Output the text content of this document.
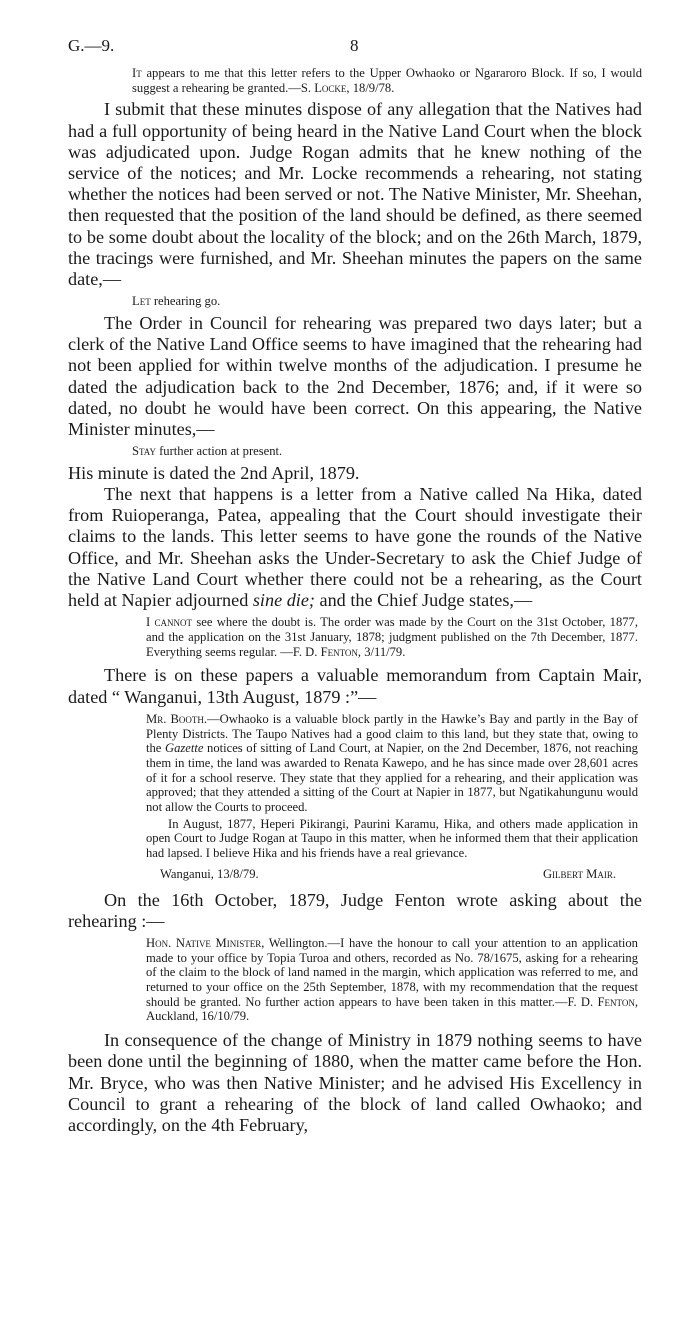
G.—9.	8

It appears to me that this letter refers to the Upper Owhaoko or Ngararoro Block. If so, I would suggest a rehearing be granted.—S. Locke, 18/9/78.

I submit that these minutes dispose of any allegation that the Natives had had a full opportunity of being heard in the Native Land Court when the block was adjudicated upon. Judge Rogan admits that he knew nothing of the service of the notices; and Mr. Locke recommends a rehearing, not stating whether the notices had been served or not. The Native Minister, Mr. Sheehan, then requested that the position of the land should be defined, as there seemed to be some doubt about the locality of the block; and on the 26th March, 1879, the tracings were furnished, and Mr. Sheehan minutes the papers on the same date,—

Let rehearing go.

The Order in Council for rehearing was prepared two days later; but a clerk of the Native Land Office seems to have imagined that the rehearing had not been applied for within twelve months of the adjudication. I presume he dated the adjudication back to the 2nd December, 1876; and, if it were so dated, no doubt he would have been correct. On this appearing, the Native Minister minutes,—

Stay further action at present.

His minute is dated the 2nd April, 1879.

The next that happens is a letter from a Native called Na Hika, dated from Ruioperanga, Patea, appealing that the Court should investigate their claims to the lands. This letter seems to have gone the rounds of the Native Office, and Mr. Sheehan asks the Under-Secretary to ask the Chief Judge of the Native Land Court whether there could not be a rehearing, as the Court held at Napier adjourned sine die; and the Chief Judge states,—

I cannot see where the doubt is. The order was made by the Court on the 31st October, 1877, and the application on the 31st January, 1878; judgment published on the 7th December, 1877. Everything seems regular. —F. D. Fenton, 3/11/79.

There is on these papers a valuable memorandum from Captain Mair, dated “ Wanganui, 13th August, 1879 :”—

Mr. Booth.—Owhaoko is a valuable block partly in the Hawke’s Bay and partly in the Bay of Plenty Districts. The Taupo Natives had a good claim to this land, but they state that, owing to the Gazette notices of sitting of Land Court, at Napier, on the 2nd December, 1876, not reaching them in time, the land was awarded to Renata Kawepo, and he has since made over 28,601 acres of it for a school reserve. They state that they applied for a rehearing, and their application was approved; that they attended a sitting of the Court at Napier in 1877, but Ngatikahungunu would not allow the Courts to proceed.

In August, 1877, Heperi Pikirangi, Paurini Karamu, Hika, and others made application in open Court to Judge Rogan at Taupo in this matter, when he informed them that their application had lapsed. I believe Hika and his friends have a real grievance.

Wanganui, 13/8/79.	Gilbert Mair.

On the 16th October, 1879, Judge Fenton wrote asking about the rehearing :—

Hon. Native Minister, Wellington.—I have the honour to call your attention to an application made to your office by Topia Turoa and others, recorded as No. 78/1675, asking for a rehearing of the claim to the block of land named in the margin, which application was referred to me, and returned to your office on the 25th September, 1878, with my recommendation that the request should be granted. No further action appears to have been taken in this matter.—F. D. Fenton, Auckland, 16/10/79.

In consequence of the change of Ministry in 1879 nothing seems to have been done until the beginning of 1880, when the matter came before the Hon. Mr. Bryce, who was then Native Minister; and he advised His Excellency in Council to grant a rehearing of the block of land called Owhaoko; and accordingly, on the 4th February,
